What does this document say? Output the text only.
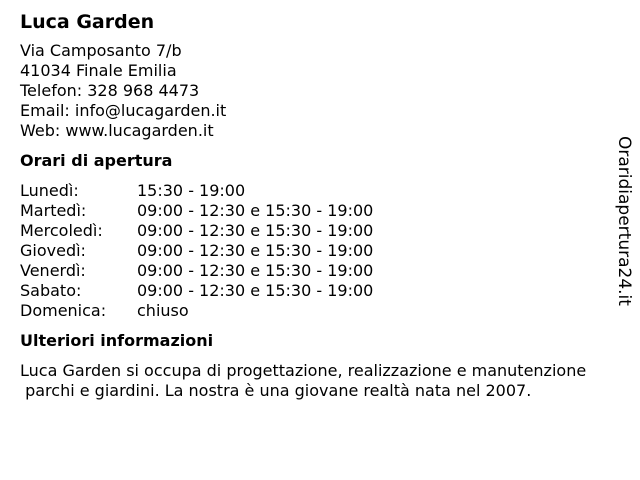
Luca Garden
Via Camposanto 7/b
41034 Finale Emilia
Telefon: 328 968 4473
Email: info@lucagarden.it
Web: www.lucagarden.it
Orari di apertura
Lunedì:	15:30 - 19:00
Martedì:	09:00 - 12:30 e 15:30 - 19:00
Mercoledì:	09:00 - 12:30 e 15:30 - 19:00
Giovedì:	09:00 - 12:30 e 15:30 - 19:00
Venerdì:	09:00 - 12:30 e 15:30 - 19:00
Sabato:	09:00 - 12:30 e 15:30 - 19:00
Domenica:	chiuso
Ulteriori informazioni
Luca Garden si occupa di progettazione, realizzazione e manutenzione
parchi e giardini. La nostra è una giovane realtà nata nel 2007.
Oraridiapertura24.it
